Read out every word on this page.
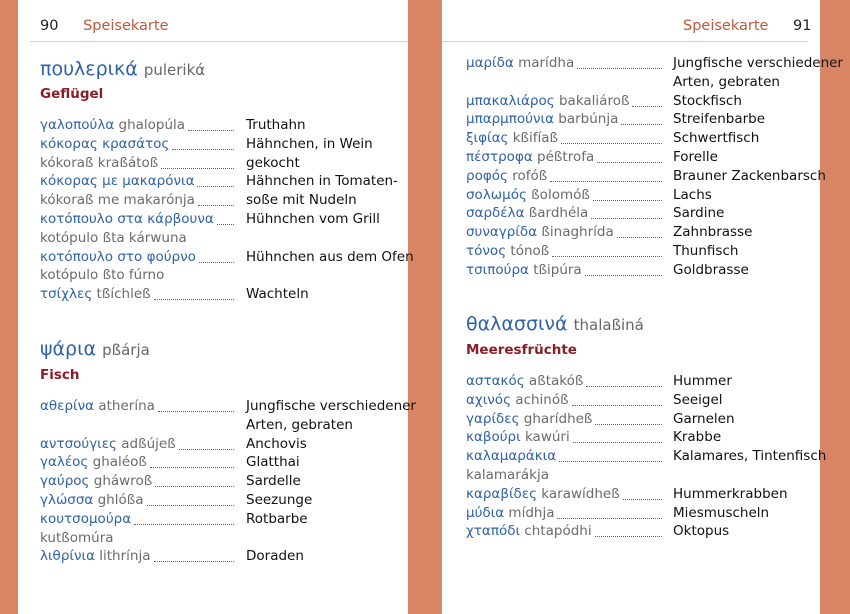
90 Speisekarte
πουλερικά pulerikά
Geflügel
γαλοπούλα ghalopúla	Truthahn
κόκορας κρασάτος	Hähnchen, in Wein
kókoraß kraßátoß	gekocht
κόκορας με μακαρόνια	Hähnchen in Tomaten-
kókoraß me makarónja	soße mit Nudeln
κοτόπουλο στα κάρβουνα Hühnchen vom Grill
kotópulo ßta kárwuna
κοτόπουλο στο φούρνο	Hühnchen aus dem Ofen
kotópulo ßto fúrno
τσίχλες tßíchleß	Wachteln
ψάρια pßárja
Fisch
αθερίνα atherína	Jungfische verschiedener
Arten, gebraten
αντσούγιες adßújeß	Anchovis
γαλέος ghaléoß	Glatthai
γαύρος gháwroß	Sardelle
γλώσσα ghlóßa	Seezunge
κουτσομούρα	Rotbarbe
kutßomúra
λιθρίνια lithrínja	Doraden
Speisekarte 91
μαρίδα marídha	Jungfische verschiedener
Arten, gebraten
μπακαλιάρος bakaliároß	Stockfisch
μπαρμπούνια barbúnja	Streifenbarbe
ξιφίας kßifíaß	Schwertfisch
πέστροφα péßtrofa	Forelle
ροφός rofóß	Brauner Zackenbarsch
σολωμός ßolomóß	Lachs
σαρδέλα ßardhéla	Sardine
συναγρίδα ßinaghrída	Zahnbrasse
τόνος tónoß	Thunfisch
τσιπούρα tßipúra	Goldbrasse
θαλασσινά thalaßiná
Meeresfrüchte
αστακός aßtakóß	Hummer
αχινός achinóß	Seeigel
γαρίδες gharídheß	Garnelen
καβούρι kawúri	Krabbe
καλαμαράκια	Kalamares, Tintenfisch
kalamarákja
καραβίδες karawídheß	Hummerkrabben
μύδια mídhja	Miesmuscheln
χταπόδι chtapódhi	Oktopus
